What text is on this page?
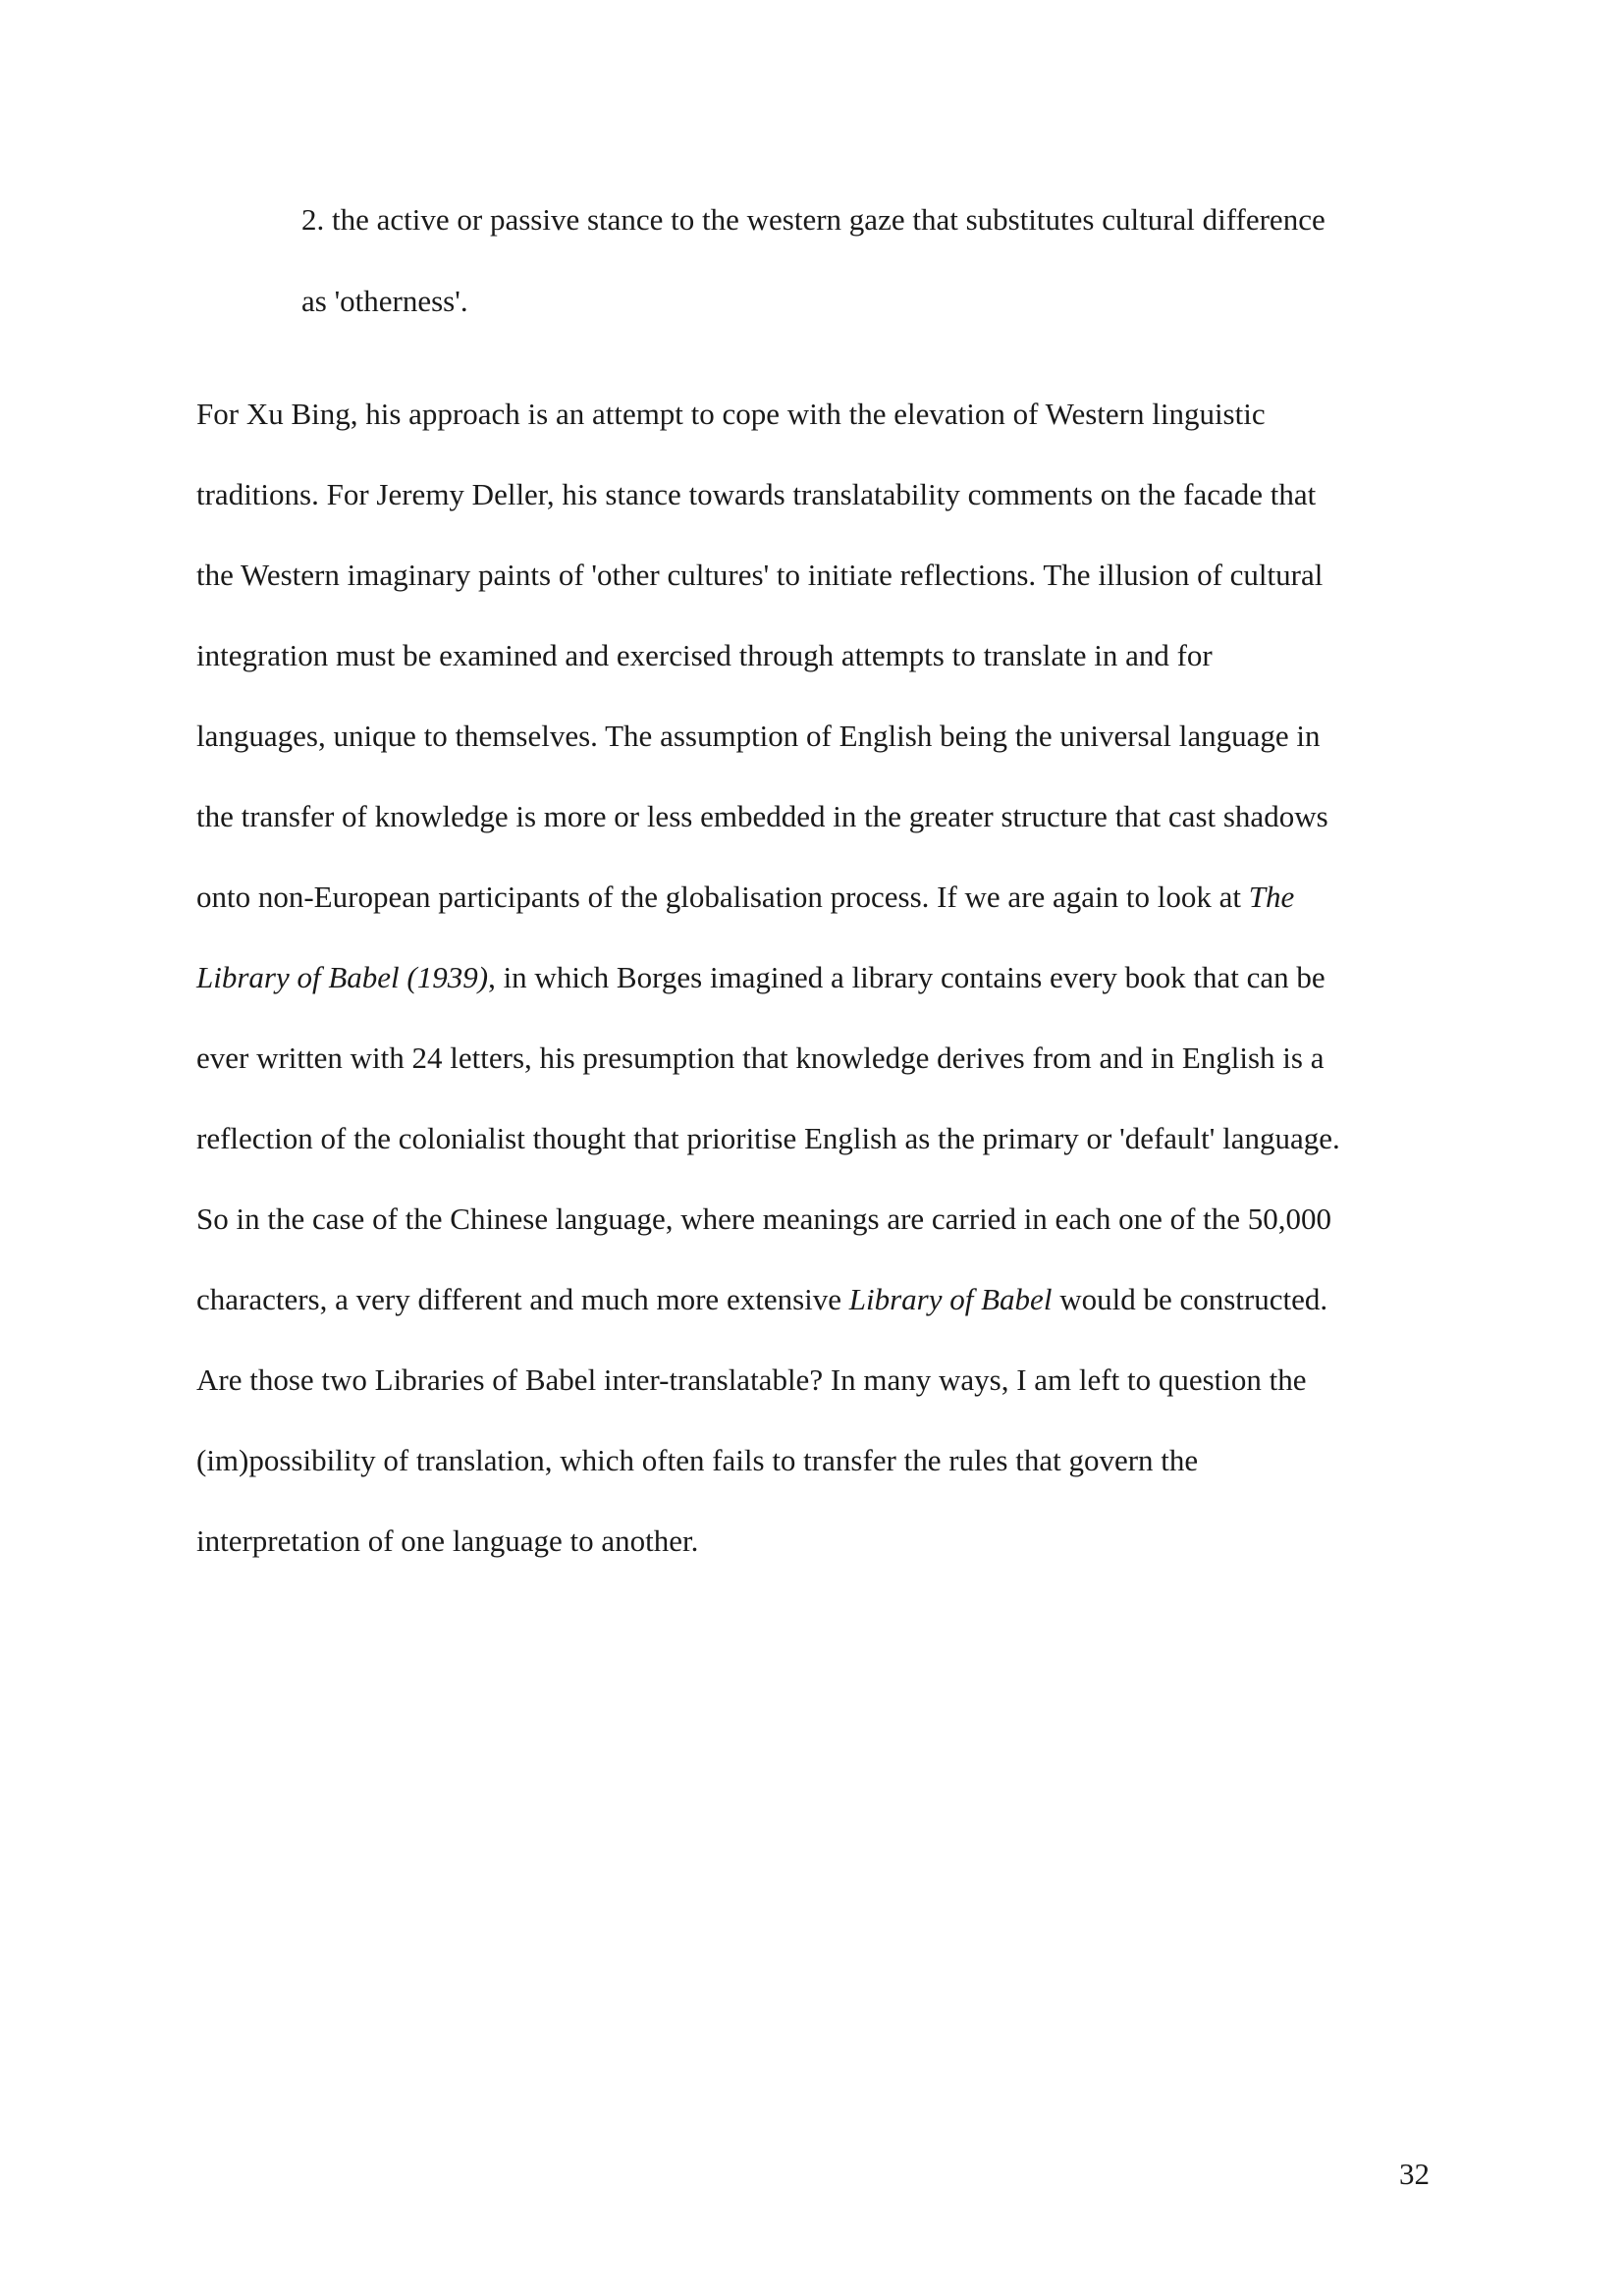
2. the active or passive stance to the western gaze that substitutes cultural difference

as 'otherness'.

For Xu Bing, his approach is an attempt to cope with the elevation of Western linguistic

traditions. For Jeremy Deller, his stance towards translatability comments on the facade that

the Western imaginary paints of 'other cultures' to initiate reflections. The illusion of cultural

integration must be examined and exercised through attempts to translate in and for

languages, unique to themselves. The assumption of English being the universal language in

the transfer of knowledge is more or less embedded in the greater structure that cast shadows

onto non-European participants of the globalisation process. If we are again to look at The

Library of Babel (1939), in which Borges imagined a library contains every book that can be

ever written with 24 letters, his presumption that knowledge derives from and in English is a

reflection of the colonialist thought that prioritise English as the primary or 'default' language.

So in the case of the Chinese language, where meanings are carried in each one of the 50,000

characters, a very different and much more extensive Library of Babel would be constructed.

Are those two Libraries of Babel inter-translatable? In many ways, I am left to question the

(im)possibility of translation, which often fails to transfer the rules that govern the

interpretation of one language to another.

32
